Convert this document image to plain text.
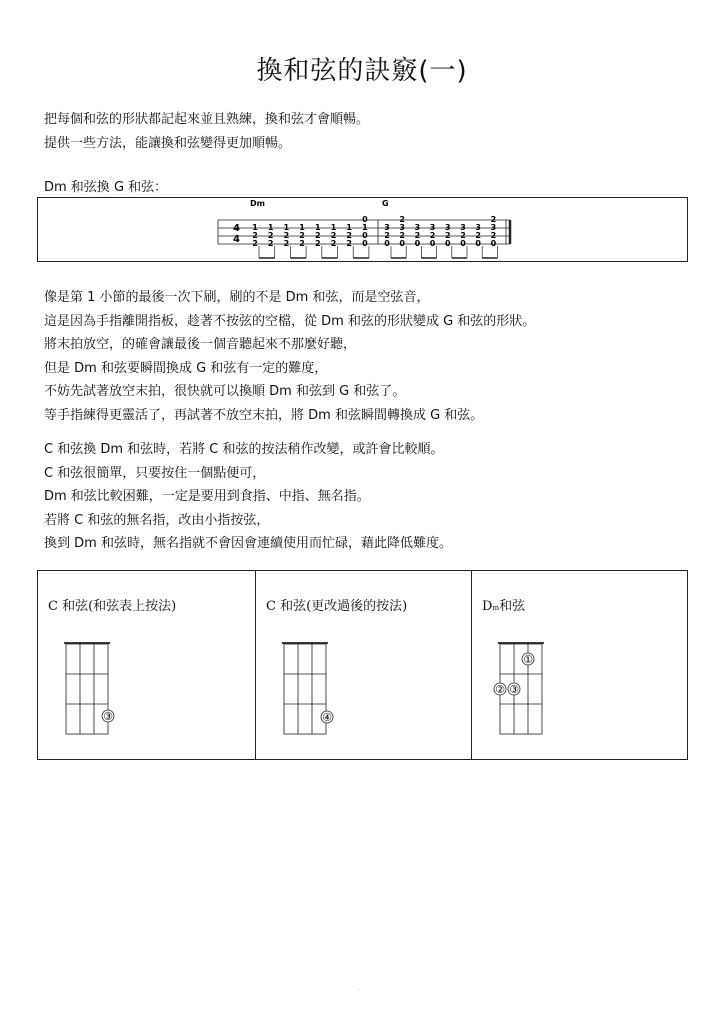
換和弦的訣竅(一)
把每個和弦的形狀都記起來並且熟練，換和弦才會順暢。
提供一些方法，能讓換和弦變得更加順暢。
Dm 和弦換 G 和弦：
Dm	G
4
4
1
2
2
1
2
2
1
2
2
1
2
2
1
2
2
1
2
2
1
2
2
0
1
0
0
3
2
0
2
3
2
0
3
2
0
3
2
0
3
2
0
3
2
0
3
2
0
2
3
2
0
像是第 1 小節的最後一次下刷，刷的不是 Dm 和弦，而是空弦音，
這是因為手指離開指板，趁著不按弦的空檔，從 Dm 和弦的形狀變成 G 和弦的形狀。
將末拍放空，的確會讓最後一個音聽起來不那麼好聽，
但是 Dm 和弦要瞬間換成 G 和弦有一定的難度，
不妨先試著放空末拍，很快就可以換順 Dm 和弦到 G 和弦了。
等手指練得更靈活了，再試著不放空末拍，將 Dm 和弦瞬間轉換成 G 和弦。
C 和弦換 Dm 和弦時，若將 C 和弦的按法稍作改變，或許會比較順。
C 和弦很簡單，只要按住一個點便可，
Dm 和弦比較困難，一定是要用到食指、中指、無名指。
若將 C 和弦的無名指，改由小指按弦，
換到 Dm 和弦時，無名指就不會因會連續使用而忙碌，藉此降低難度。
C 和弦(和弦表上按法)
③
C 和弦(更改過後的按法)
④
Dm和弦
①
② ③
.
